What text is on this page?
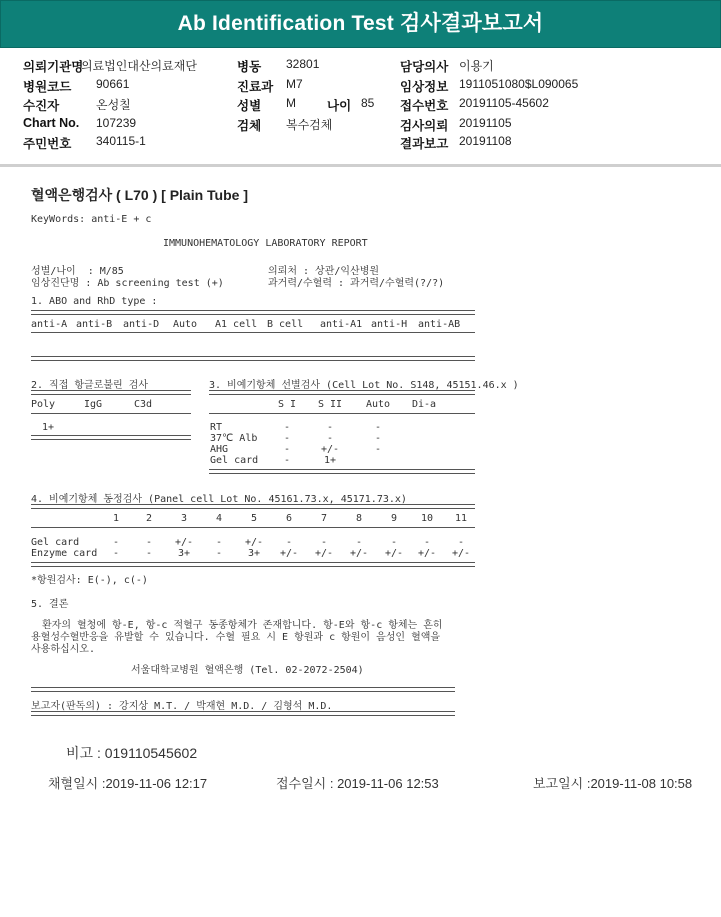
Ab Identification Test 검사결과보고서
의뢰기관명
의료법인대산의료재단
병원코드 90661
수진자	온성칠
Chart No. 107239
주민번호 340115-1
병동 32801
진료과 M7
성별 M 나이 85
검체 복수검체
담당의사 이용기
임상정보 1911051080$L090065
접수번호 20191105-45602
검사의뢰 20191105
결과보고 20191108
혈액은행검사 ( L70 ) [ Plain Tube ]
KeyWords: anti-E + c
IMMUNOHEMATOLOGY LABORATORY REPORT
성별/나이  : M/85
임상진단명 : Ab screening test (+)
의뢰처 : 상관/익산병원
과거력/수혈력 : 과거력/수혈력(?/?)
1. ABO and RhD type :
anti-A anti-B anti-D Auto A1 cell B cell anti-A1 anti-H anti-AB
2. 직접 항글로불린 검사
Poly	IgG	C3d
1+
3. 비예기항체 선별검사 (Cell Lot No. S148, 45151.46.x )
S I	S II	Auto	Di-a
RT	-	-	-
37℃ Alb	-	-	-
AHG	-	+/-	-
Gel card	-	1+
4. 비예기항체 동정검사 (Panel cell Lot No. 45161.73.x, 45171.73.x)
1	2	3	4	5	6	7	8	9	10	11
Gel card	-	-	+/-	-	+/-	-	-	-	-	-	-
Enzyme card	-	-	3+	-	3+	+/- +/- +/- +/- +/- +/-
*항원검사: E(-), c(-)
5. 결론
환자의 혈청에 항-E, 항-c 적혈구 동종항체가 존재합니다. 항-E와 항-c 항체는 흔히
용혈성수혈반응을 유발할 수 있습니다. 수혈 필요 시 E 항원과 c 항원이 음성인 혈액을
사용하십시오.
서울대학교병원 혈액은행 (Tel. 02-2072-2504)
보고자(판독의) : 강지상 M.T. / 박재현 M.D. / 김형석 M.D.
비고 : 019110545602
채혈일시 :2019-11-06 12:17	접수일시 : 2019-11-06 12:53	보고일시 :2019-11-08 10:58
